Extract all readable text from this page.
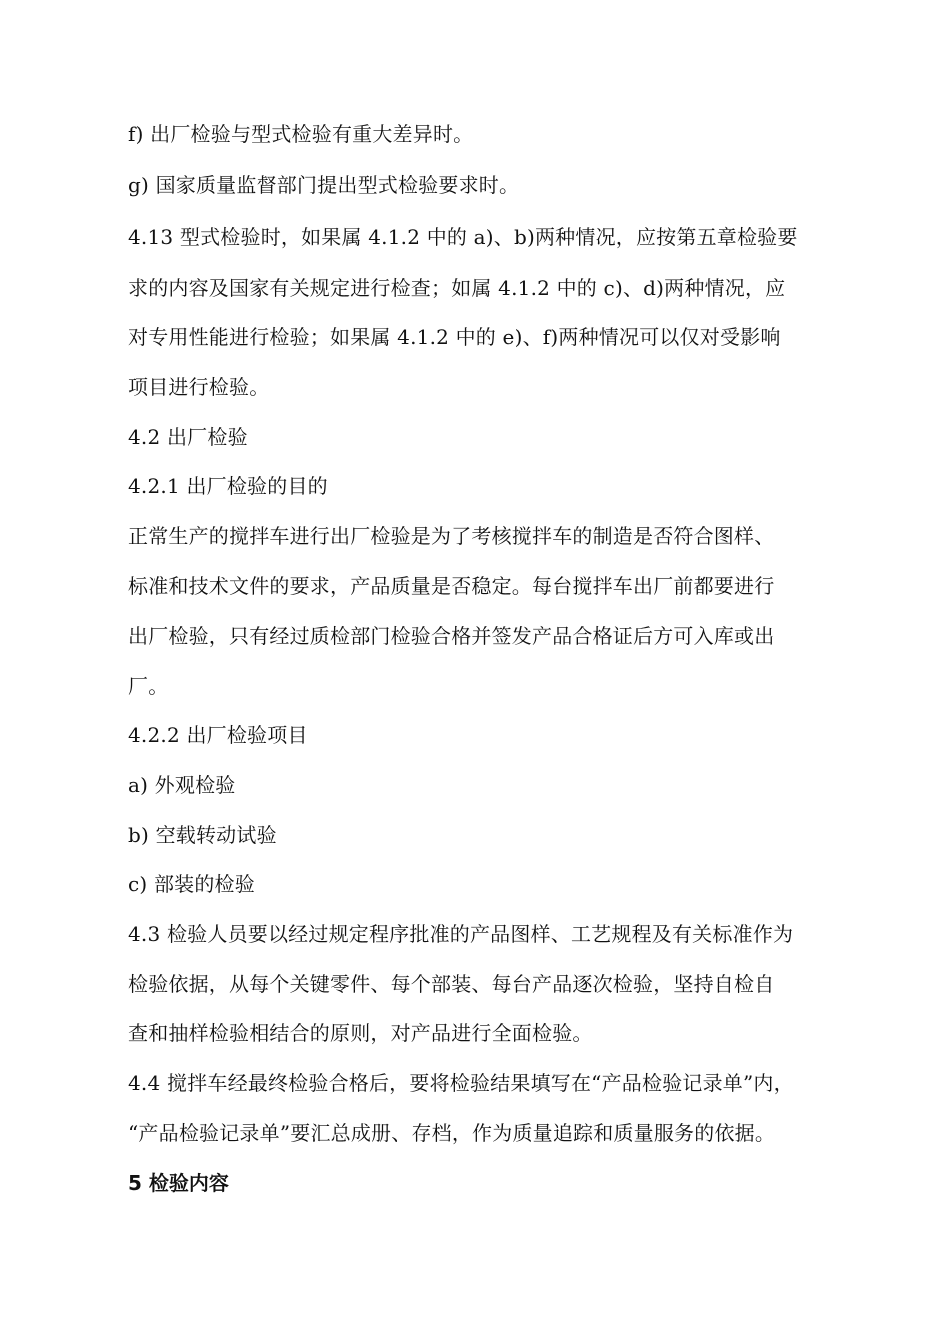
f) 出厂检验与型式检验有重大差异时。
g) 国家质量监督部门提出型式检验要求时。
4.13 型式检验时，如果属 4.1.2 中的 a)、b)两种情况，应按第五章检验要
求的内容及国家有关规定进行检查；如属 4.1.2 中的 c)、d)两种情况，应
对专用性能进行检验；如果属 4.1.2 中的 e)、f)两种情况可以仅对受影响
项目进行检验。
4.2 出厂检验
4.2.1 出厂检验的目的
正常生产的搅拌车进行出厂检验是为了考核搅拌车的制造是否符合图样、
标准和技术文件的要求，产品质量是否稳定。每台搅拌车出厂前都要进行
出厂检验，只有经过质检部门检验合格并签发产品合格证后方可入库或出
厂。
4.2.2 出厂检验项目
a) 外观检验
b) 空载转动试验
c) 部装的检验
4.3 检验人员要以经过规定程序批准的产品图样、工艺规程及有关标准作为
检验依据，从每个关键零件、每个部装、每台产品逐次检验，坚持自检自
查和抽样检验相结合的原则，对产品进行全面检验。
4.4 搅拌车经最终检验合格后，要将检验结果填写在“产品检验记录单”内，
“产品检验记录单”要汇总成册、存档，作为质量追踪和质量服务的依据。
5 检验内容
